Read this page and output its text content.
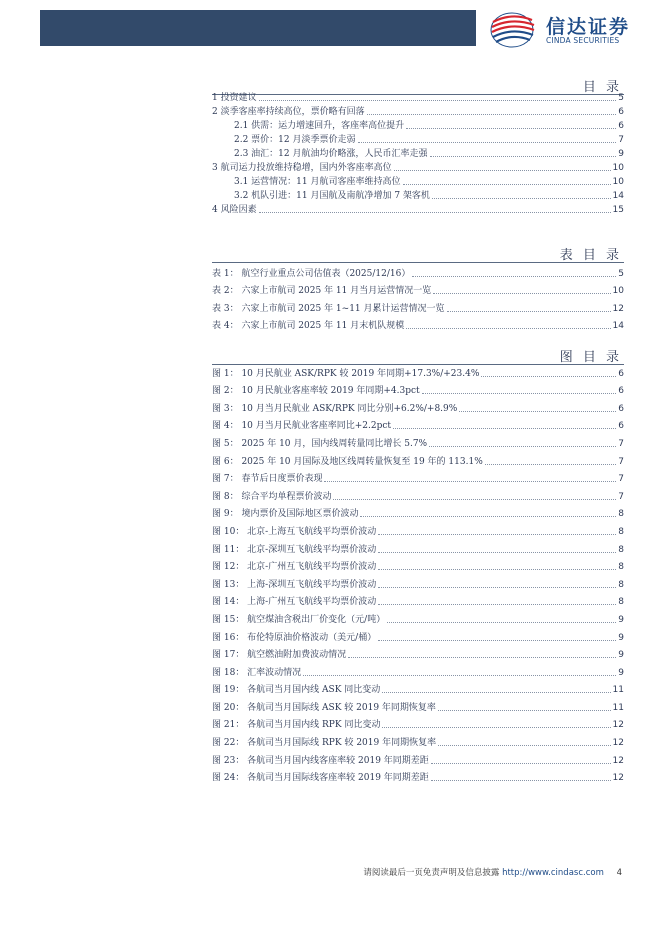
信达证券
CINDA SECURITIES
目 录
1 投资建议	5
2 淡季客座率持续高位，票价略有回落	6
2.1 供需：运力增速回升，客座率高位提升	6
2.2 票价：12 月淡季票价走弱	7
2.3 油汇：12 月航油均价略涨，人民币汇率走强	9
3 航司运力投放维持稳增，国内外客座率高位	10
3.1 运营情况：11 月航司客座率维持高位	10
3.2 机队引进：11 月国航及南航净增加 7 架客机	14
4 风险因素	15
表 目 录
表 1： 航空行业重点公司估值表（2025/12/16）	5
表 2： 六家上市航司 2025 年 11 月当月运营情况一览	10
表 3： 六家上市航司 2025 年 1~11 月累计运营情况一览	12
表 4： 六家上市航司 2025 年 11 月末机队规模	14
图 目 录
图 1： 10 月民航业 ASK/RPK 较 2019 年同期+17.3%/+23.4%	6
图 2： 10 月民航业客座率较 2019 年同期+4.3pct	6
图 3： 10 月当月民航业 ASK/RPK 同比分别+6.2%/+8.9%	6
图 4： 10 月当月民航业客座率同比+2.2pct	6
图 5： 2025 年 10 月，国内线周转量同比增长 5.7%	7
图 6： 2025 年 10 月国际及地区线周转量恢复至 19 年的 113.1%	7
图 7： 春节后日度票价表现	7
图 8： 综合平均单程票价波动	7
图 9： 境内票价及国际地区票价波动	8
图 10： 北京-上海互飞航线平均票价波动	8
图 11： 北京-深圳互飞航线平均票价波动	8
图 12： 北京-广州互飞航线平均票价波动	8
图 13： 上海-深圳互飞航线平均票价波动	8
图 14： 上海-广州互飞航线平均票价波动	8
图 15： 航空煤油含税出厂价变化（元/吨）	9
图 16： 布伦特原油价格波动（美元/桶）	9
图 17： 航空燃油附加费波动情况	9
图 18： 汇率波动情况	9
图 19： 各航司当月国内线 ASK 同比变动	11
图 20： 各航司当月国际线 ASK 较 2019 年同期恢复率	11
图 21： 各航司当月国内线 RPK 同比变动	12
图 22： 各航司当月国际线 RPK 较 2019 年同期恢复率	12
图 23： 各航司当月国内线客座率较 2019 年同期差距	12
图 24： 各航司当月国际线客座率较 2019 年同期差距	12
请阅读最后一页免责声明及信息披露 http://www.cindasc.com 4
